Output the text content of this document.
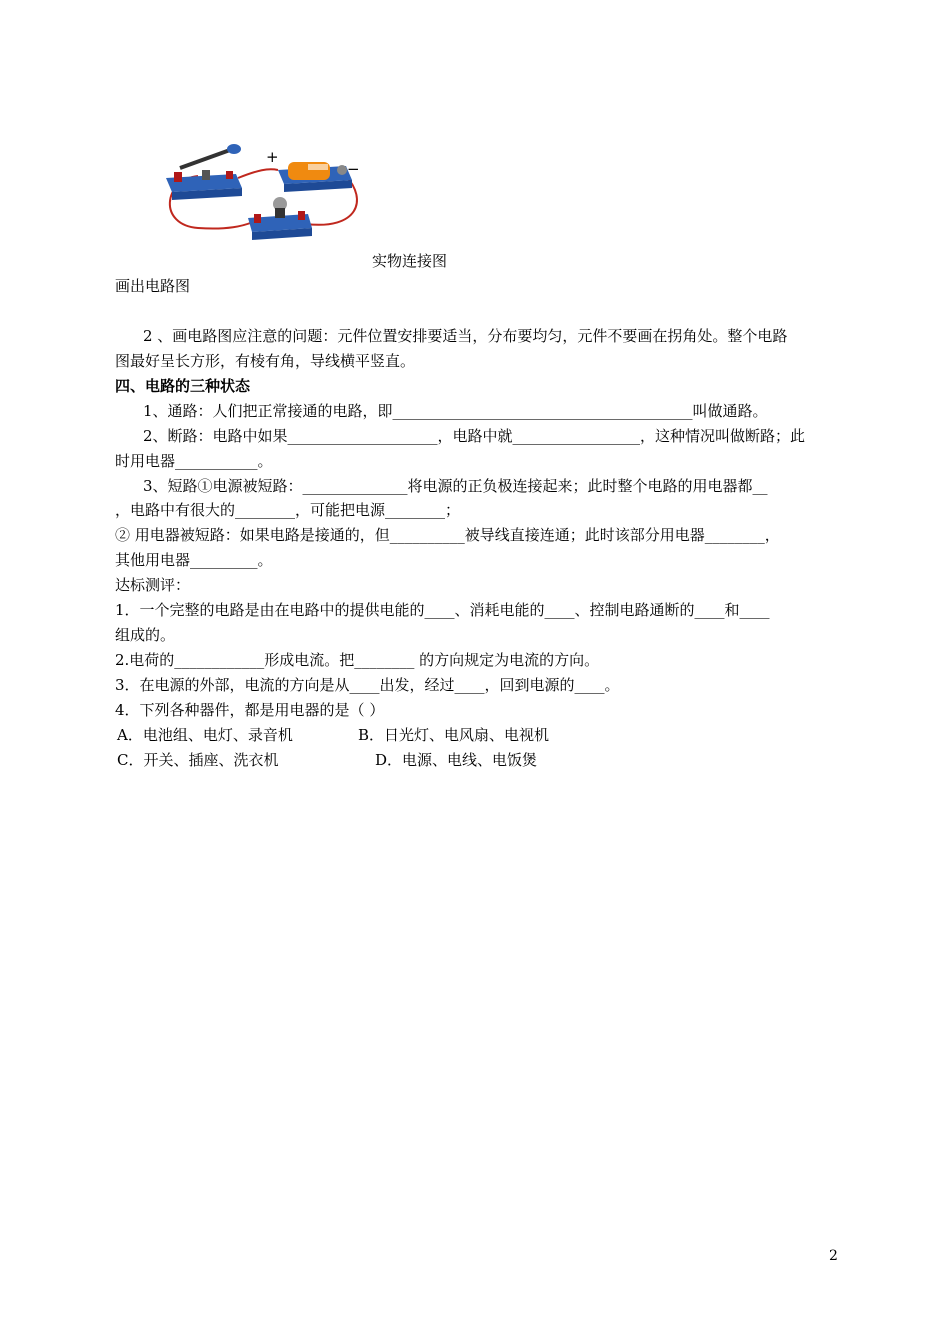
+
−
实物连接图
画出电路图
2 、画电路图应注意的问题：元件位置安排要适当，分布要均匀，元件不要画在拐角处。整个电路
图最好呈长方形，有棱有角，导线横平竖直。
四、电路的三种状态
1、通路：人们把正常接通的电路，即________________________________________叫做通路。
2、断路：电路中如果____________________，电路中就_________________，这种情况叫做断路；此
时用电器___________。
3、短路①电源被短路：______________将电源的正负极连接起来；此时整个电路的用电器都__
，电路中有很大的________，可能把电源________；
② 用电器被短路：如果电路是接通的，但__________被导线直接连通；此时该部分用电器________，
其他用电器_________。
达标测评：
1．一个完整的电路是由在电路中的提供电能的____、消耗电能的____、控制电路通断的____和____
组成的。
2.电荷的____________形成电流。把________ 的方向规定为电流的方向。
3．在电源的外部，电流的方向是从____出发，经过____，回到电源的____。
4．下列各种器件，都是用电器的是（ ）
A．电池组、电灯、录音机	B．日光灯、电风扇、电视机
C．开关、插座、洗衣机	D．电源、电线、电饭煲
2
